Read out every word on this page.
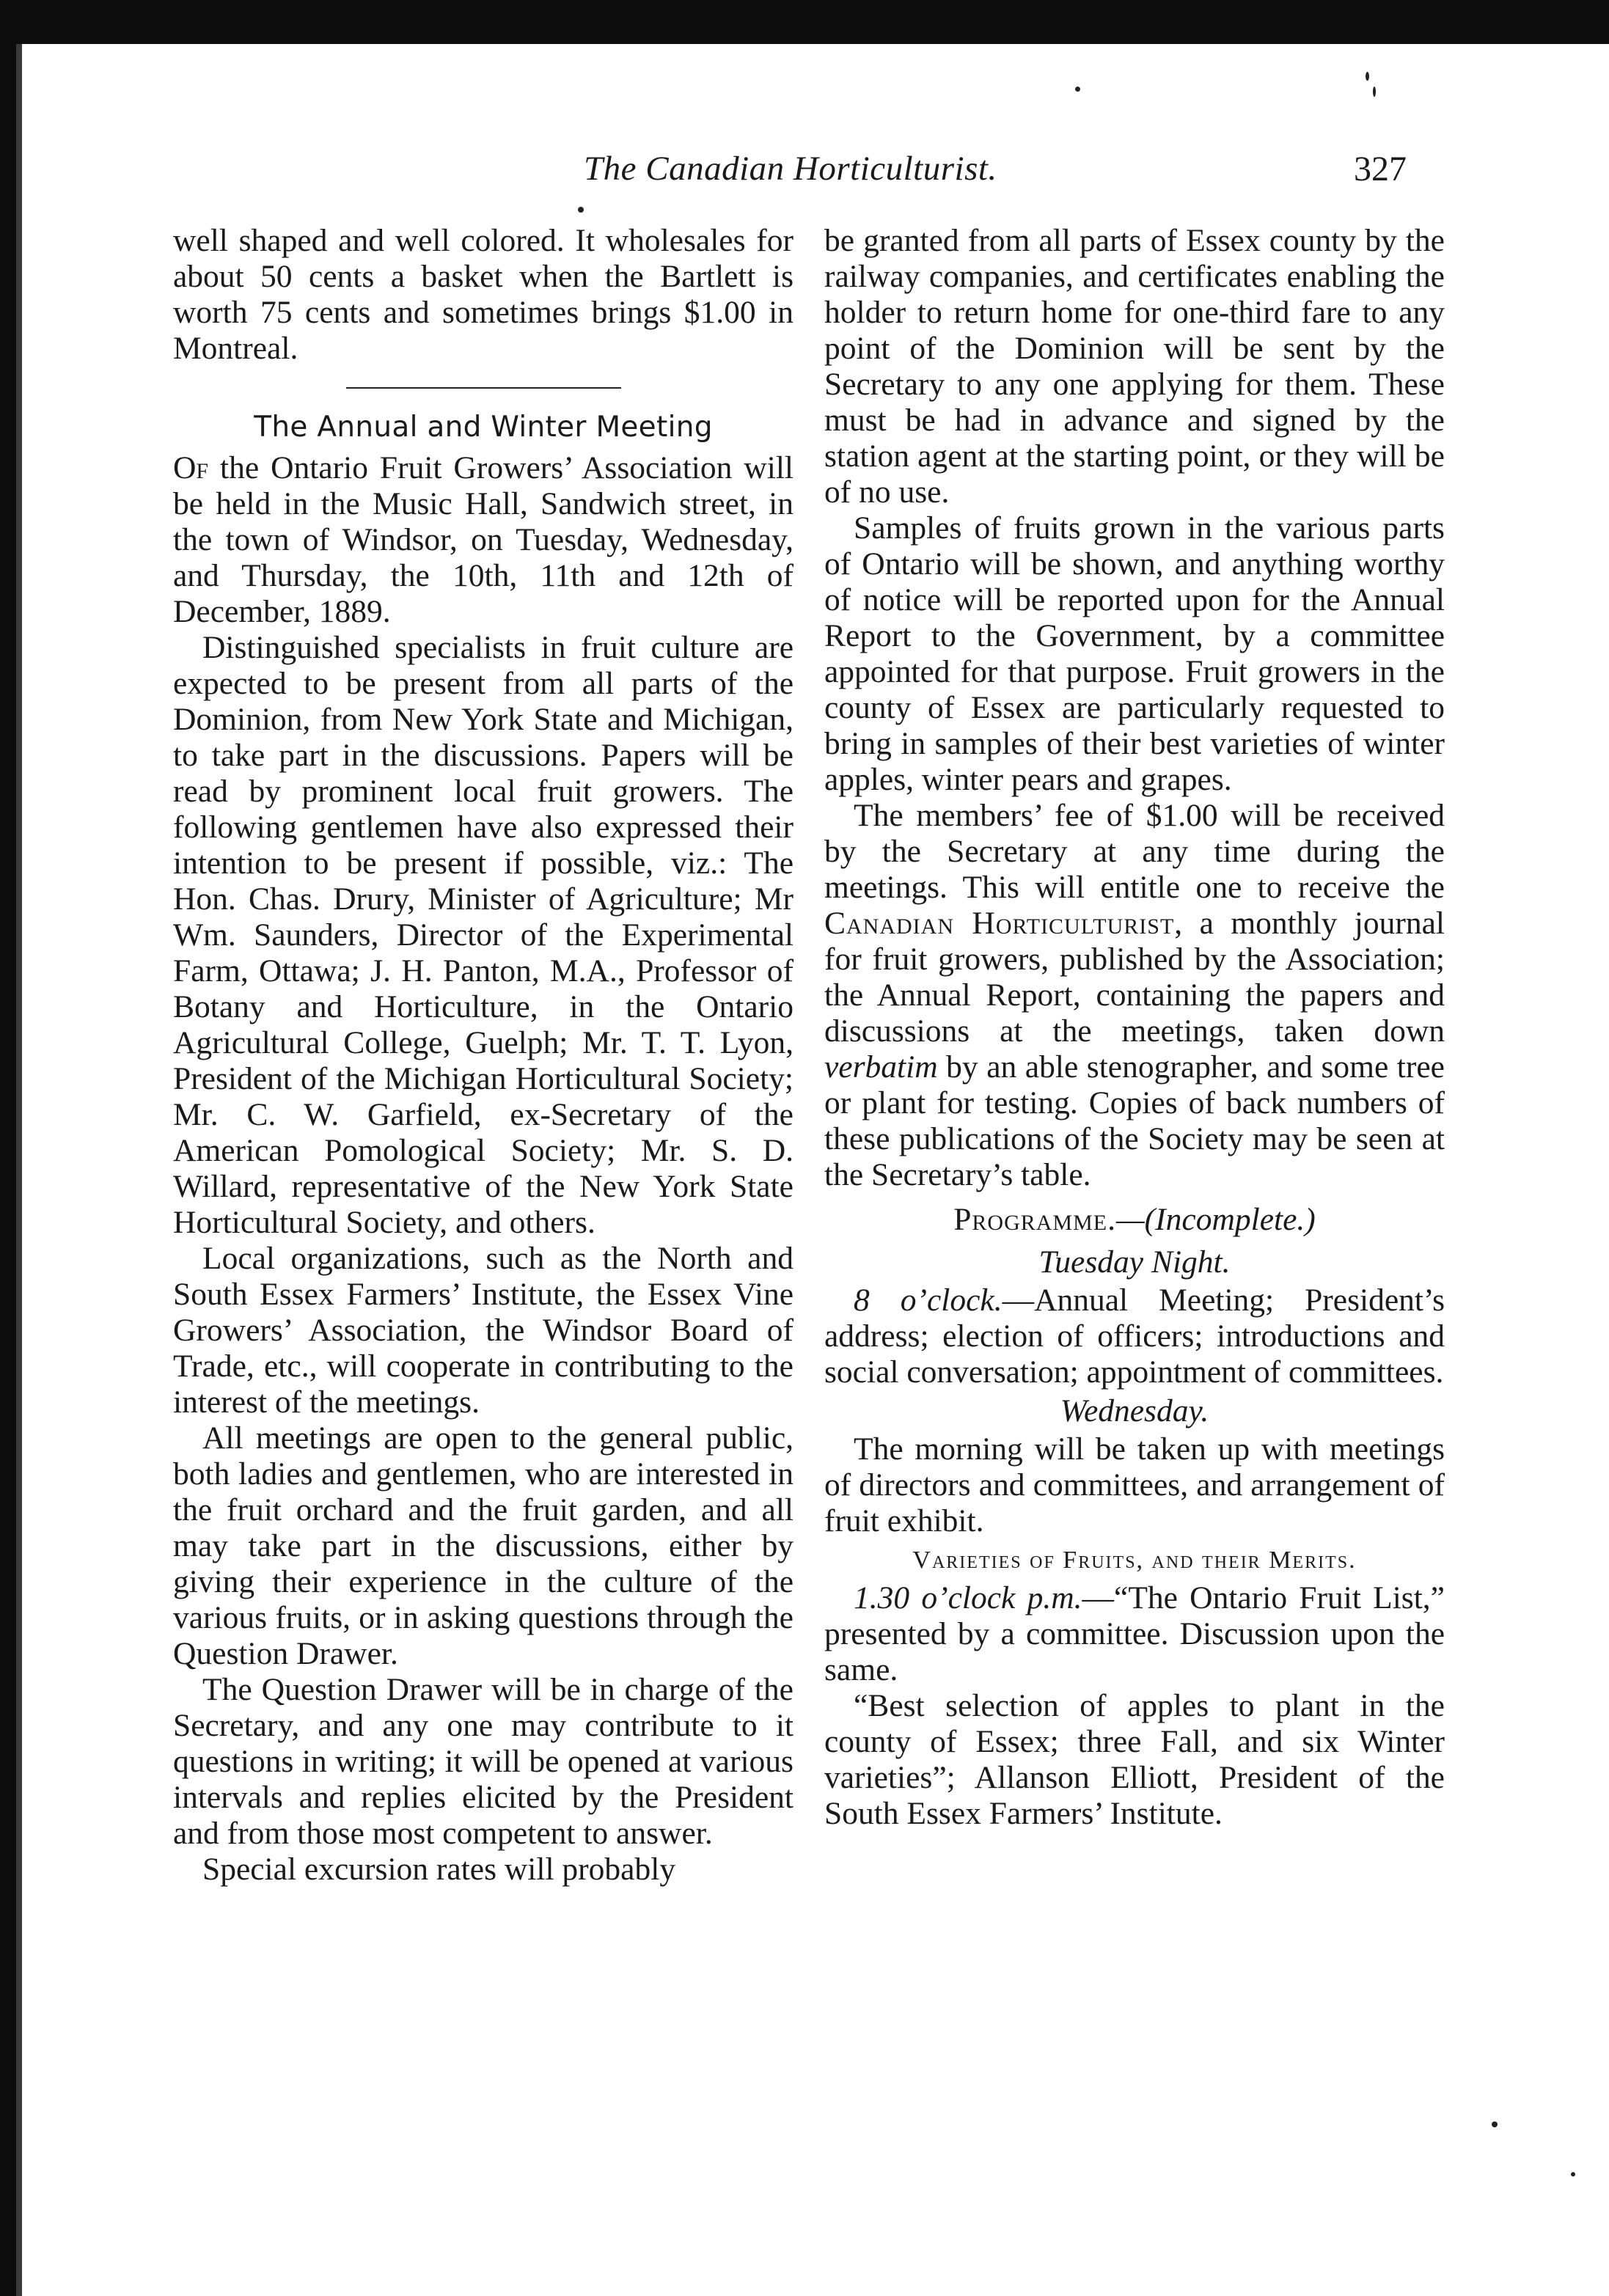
The Canadian Horticulturist.	327

well shaped and well colored. It wholesales for about 50 cents a basket when the Bartlett is worth 75 cents and sometimes brings $1.00 in Montreal.

The Annual and Winter Meeting

Of the Ontario Fruit Growers’ Association will be held in the Music Hall, Sandwich street, in the town of Windsor, on Tuesday, Wednesday, and Thursday, the 10th, 11th and 12th of December, 1889.

Distinguished specialists in fruit culture are expected to be present from all parts of the Dominion, from New York State and Michigan, to take part in the discussions. Papers will be read by prominent local fruit growers. The following gentlemen have also expressed their intention to be present if possible, viz.: The Hon. Chas. Drury, Minister of Agriculture; Mr Wm. Saunders, Director of the Experimental Farm, Ottawa; J. H. Panton, M.A., Professor of Botany and Horticulture, in the Ontario Agricultural College, Guelph; Mr. T. T. Lyon, President of the Michigan Horticultural Society; Mr. C. W. Garfield, ex-Secretary of the American Pomological Society; Mr. S. D. Willard, representative of the New York State Horticultural Society, and others.

Local organizations, such as the North and South Essex Farmers’ Institute, the Essex Vine Growers’ Association, the Windsor Board of Trade, etc., will cooperate in contributing to the interest of the meetings.

All meetings are open to the general public, both ladies and gentlemen, who are interested in the fruit orchard and the fruit garden, and all may take part in the discussions, either by giving their experience in the culture of the various fruits, or in asking questions through the Question Drawer.

The Question Drawer will be in charge of the Secretary, and any one may contribute to it questions in writing; it will be opened at various intervals and replies elicited by the President and from those most competent to answer.

Special excursion rates will probably

be granted from all parts of Essex county by the railway companies, and certificates enabling the holder to return home for one-third fare to any point of the Dominion will be sent by the Secretary to any one applying for them. These must be had in advance and signed by the station agent at the starting point, or they will be of no use.

Samples of fruits grown in the various parts of Ontario will be shown, and anything worthy of notice will be reported upon for the Annual Report to the Government, by a committee appointed for that purpose. Fruit growers in the county of Essex are particularly requested to bring in samples of their best varieties of winter apples, winter pears and grapes.

The members’ fee of $1.00 will be received by the Secretary at any time during the meetings. This will entitle one to receive the Canadian Horticulturist, a monthly journal for fruit growers, published by the Association; the Annual Report, containing the papers and discussions at the meetings, taken down verbatim by an able stenographer, and some tree or plant for testing. Copies of back numbers of these publications of the Society may be seen at the Secretary’s table.

Programme.—(Incomplete.)
Tuesday Night.

8 o’clock.—Annual Meeting; President’s address; election of officers; introductions and social conversation; appointment of committees.

Wednesday.

The morning will be taken up with meetings of directors and committees, and arrangement of fruit exhibit.

Varieties of Fruits, and their Merits.

1.30 o’clock p.m.—“The Ontario Fruit List,” presented by a committee. Discussion upon the same.

“Best selection of apples to plant in the county of Essex; three Fall, and six Winter varieties”; Allanson Elliott, President of the South Essex Farmers’ Institute.
